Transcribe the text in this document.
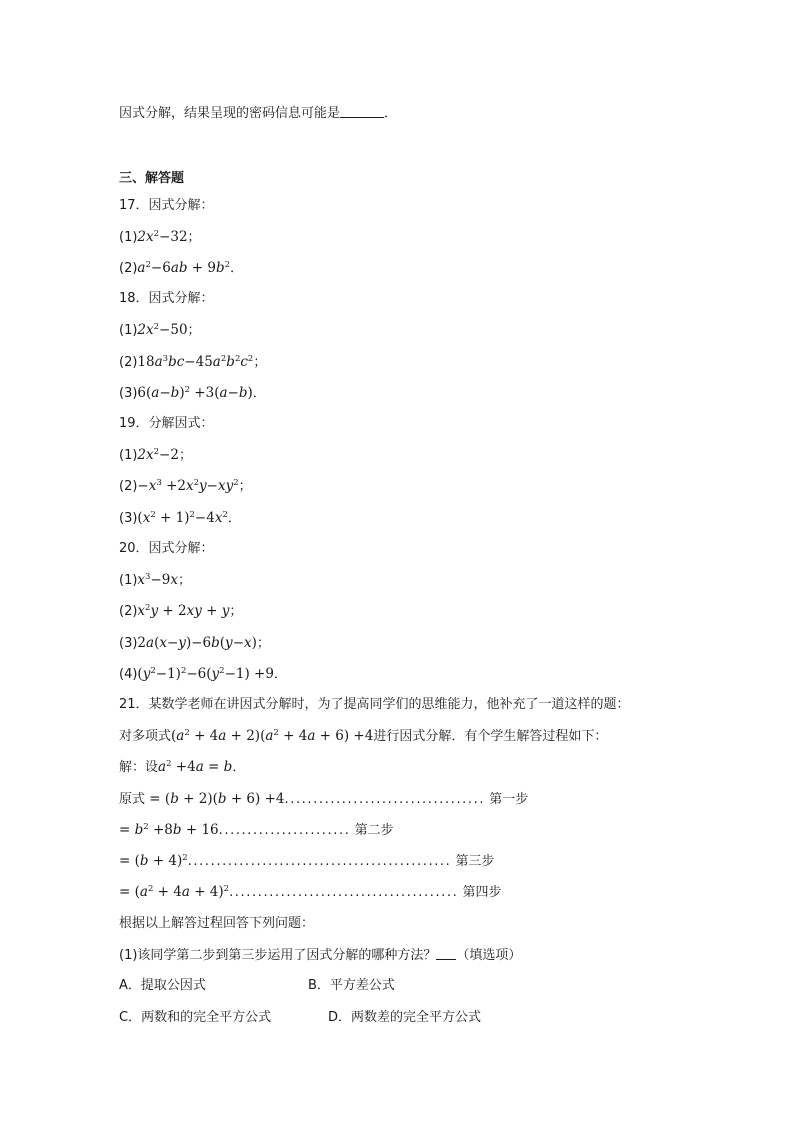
因式分解，结果呈现的密码信息可能是	．
三、解答题
17．因式分解：
$(1)2x^2-32$；
$(2)a^2-6ab + 9b^2$．
18．因式分解：
$(1)2x^2-50$；
$(2)18a^3bc-45a^2b^2c^2$；
$(3)6(a-b)^2 +3(a-b)$．
19．分解因式：
$(1)2x^2-2$；
$(2)-x^3 +2x^2y-xy^2$；
$(3)(x^2 + 1)^2-4x^2$．
20．因式分解：
$(1)x^3-9x$；
$(2)x^2y + 2xy + y$；
(3)2a(x−y)−6b(y−x)；
$(4)(y^2-1)^2-6(y^2-1) +9$．
21．某数学老师在讲因式分解时，为了提高同学们的思维能力，他补充了一道这样的题：
对多项式$(a^2 + 4a + 2)(a^2 + 4a + 6) +4$进行因式分解．有个学生解答过程如下：
解：设$a^2 +4a = b$．
原式 = (b + 2)(b + 6) +4................................... 第一步
= $b^2 +8b + 16$....................... 第二步
= $(b + 4)^2$.............................................. 第三步
= $(a^2 + 4a + 4)^2$........................................ 第四步
根据以上解答过程回答下列问题：
(1)该同学第二步到第三步运用了因式分解的哪种方法？ （填选项）
A．提取公因式	B．平方差公式
C．两数和的完全平方公式	D．两数差的完全平方公式
